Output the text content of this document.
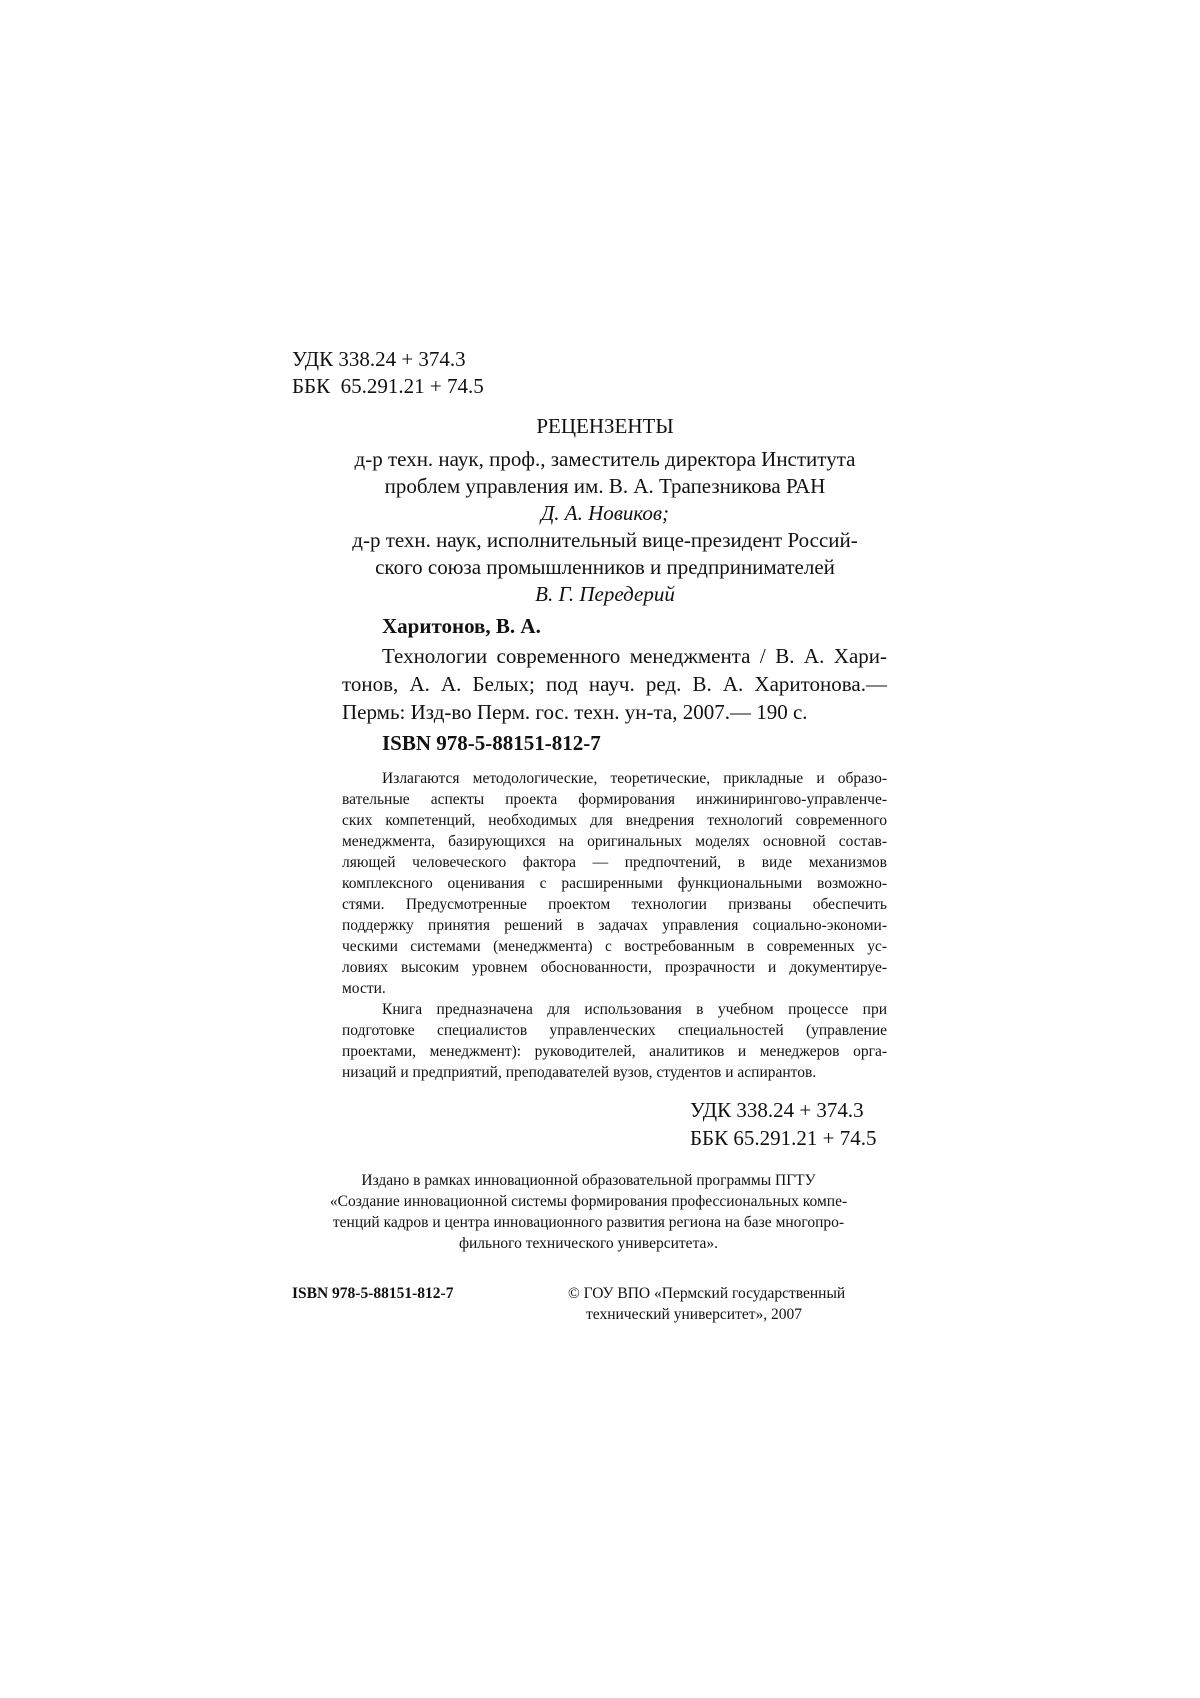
УДК 338.24 + 374.3
ББК  65.291.21 + 74.5
РЕЦЕНЗЕНТЫ
д-р техн. наук, проф., заместитель директора Института
проблем управления им. В. А. Трапезникова РАН
Д. А. Новиков;
д-р техн. наук, исполнительный вице-президент Россий-
ского союза промышленников и предпринимателей
В. Г. Передерий
Харитонов, В. А.
Технологии современного менеджмента / В. А. Хари-
тонов, А. А. Белых; под науч. ред. В. А. Харитонова.—
Пермь: Изд-во Перм. гос. техн. ун-та, 2007.— 190 с.
ISBN 978-5-88151-812-7
Излагаются методологические, теоретические, прикладные и образо-
вательные аспекты проекта формирования инжинирингово-управленче-
ских компетенций, необходимых для внедрения технологий современного
менеджмента, базирующихся на оригинальных моделях основной состав-
ляющей человеческого фактора — предпочтений, в виде механизмов
комплексного оценивания с расширенными функциональными возможно-
стями. Предусмотренные проектом технологии призваны обеспечить
поддержку принятия решений в задачах управления социально-экономи-
ческими системами (менеджмента) с востребованным в современных ус-
ловиях высоким уровнем обоснованности, прозрачности и документируе-
мости.
Книга предназначена для использования в учебном процессе при
подготовке специалистов управленческих специальностей (управление
проектами, менеджмент): руководителей, аналитиков и менеджеров орга-
низаций и предприятий, преподавателей вузов, студентов и аспирантов.
УДК 338.24 + 374.3
ББК 65.291.21 + 74.5
Издано в рамках инновационной образовательной программы ПГТУ
«Создание инновационной системы формирования профессиональных компе-
тенций кадров и центра инновационного развития региона на базе многопро-
фильного технического университета».
ISBN 978-5-88151-812-7	© ГОУ ВПО «Пермский государственный
технический университет», 2007
